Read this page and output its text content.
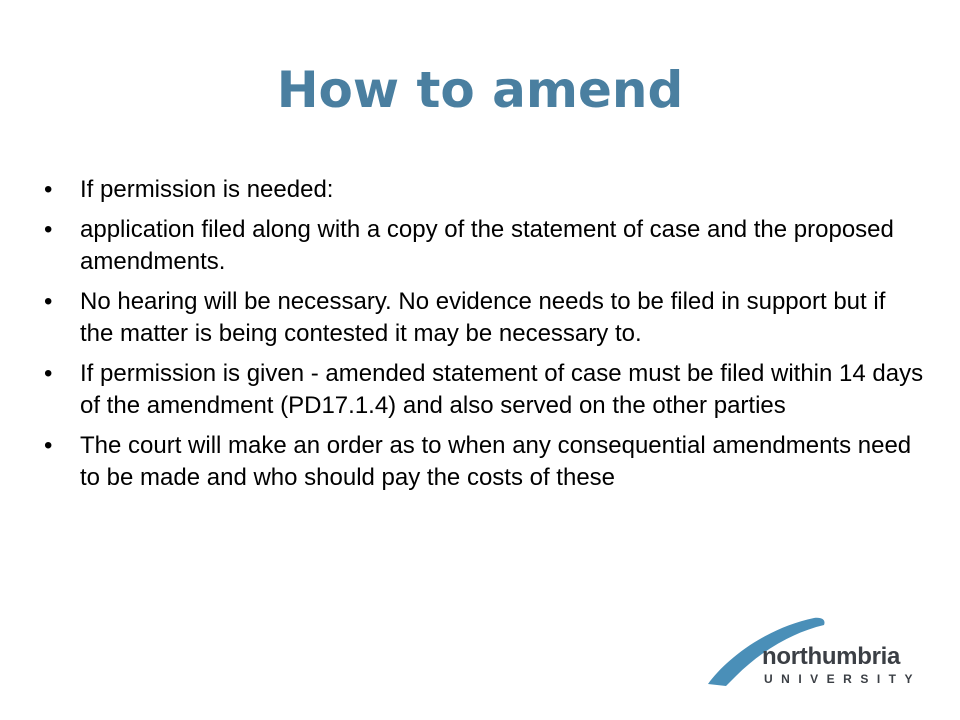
How to amend
•	If permission is needed:
•	application filed along with a copy of the statement of case and the proposed amendments.
•	No hearing will be necessary. No evidence needs to be filed in support but if the matter is being contested it may be necessary to.
•	If permission is given - amended statement of case must be filed within 14 days of the amendment (PD17.1.4) and also served on the other parties
•	The court will make an order as to when any consequential amendments need to be made and who should pay the costs of these
northumbria
UNIVERSITY
